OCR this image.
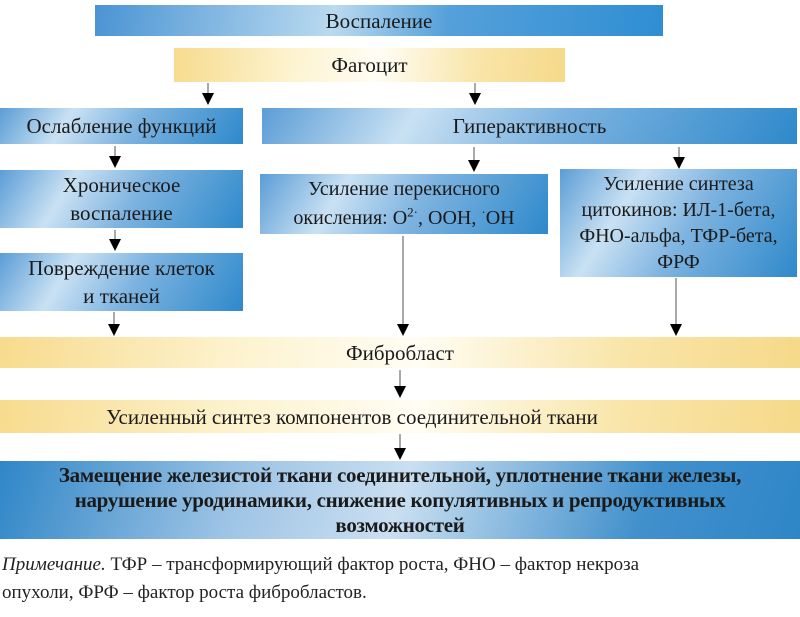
Воспаление
Фагоцит
Ослабление функций	Гиперактивность
Хроническое
воспаление
Усиление перекисного
окисления: $О^{2\cdot}$, ООН, ·ОН
Усиление синтеза
цитокинов: ИЛ-1-бета,
ФНО-альфа, ТФР-бета,
ФРФ
Повреждение клеток
и тканей
Фибробласт
Усиленный синтез компонентов соединительной ткани
Замещение железистой ткани соединительной, уплотнение ткани железы,
нарушение уродинамики, снижение копулятивных и репродуктивных
возможностей
Примечание. ТФР – трансформирующий фактор роста, ФНО – фактор некроза
опухоли, ФРФ – фактор роста фибробластов.
